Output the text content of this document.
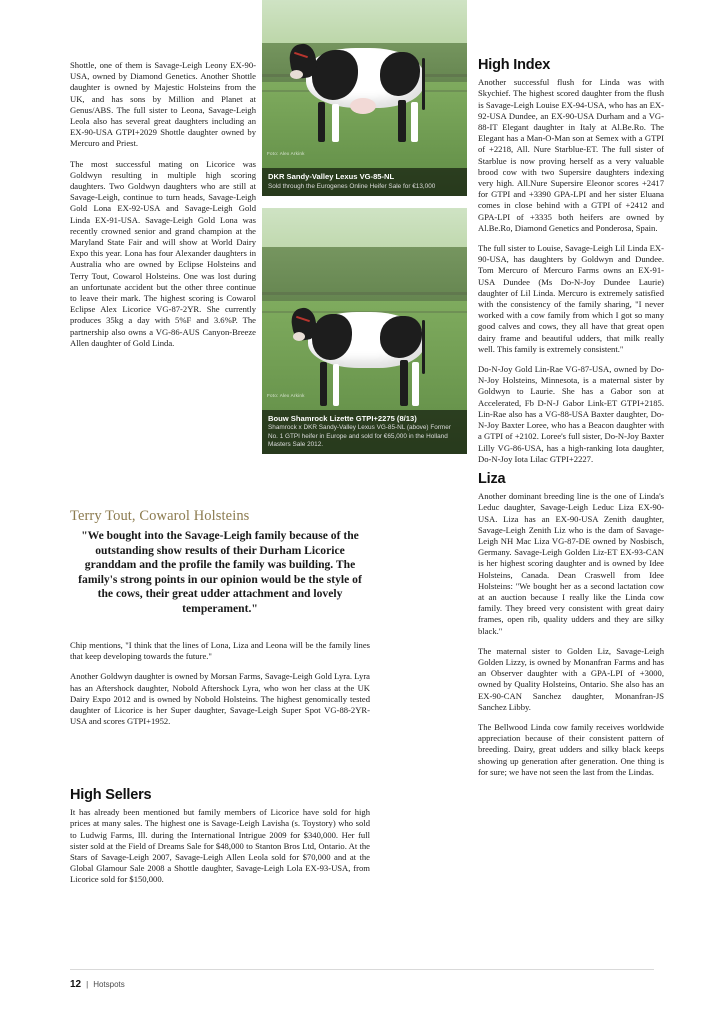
Foto: Alex Arkink
DKR Sandy-Valley Lexus VG-85-NL
Sold through the Eurogenes Online Heifer Sale for €13,000
Foto: Alex Arkink
Bouw Shamrock Lizette GTPI+2275 (8/13)
Shamrock x DKR Sandy-Valley Lexus VG-85-NL (above) Former No. 1 GTPI heifer in Europe and sold for €65,000 in the Holland Masters Sale 2012.

Shottle, one of them is Savage-Leigh Leony EX-90-USA, owned by Diamond Genetics. Another Shottle daughter is owned by Majestic Holsteins from the UK, and has sons by Million and Planet at Genus/ABS. The full sister to Leona, Savage-Leigh Leola also has several great daughters including an EX-90-USA GTPI+2029 Shottle daughter owned by Mercuro and Priest.

The most successful mating on Licorice was Goldwyn resulting in multiple high scoring daughters. Two Goldwyn daughters who are still at Savage-Leigh, continue to turn heads, Savage-Leigh Gold Lona EX-92-USA and Savage-Leigh Gold Linda EX-91-USA. Savage-Leigh Gold Lona was recently crowned senior and grand champion at the Maryland State Fair and will show at World Dairy Expo this year. Lona has four Alexander daughters in Australia who are owned by Eclipse Holsteins and Terry Tout, Cowarol Holsteins. One was lost during an unfortunate accident but the other three continue to leave their mark. The highest scoring is Cowarol Eclipse Alex Licorice VG-87-2YR. She currently produces 35kg a day with 5%F and 3.6%P. The partnership also owns a VG-86-AUS Canyon-Breeze Allen daughter of Gold Linda.

High Index

Another successful flush for Linda was with Skychief. The highest scored daughter from the flush is Savage-Leigh Louise EX-94-USA, who has an EX-92-USA Dundee, an EX-90-USA Durham and a VG-88-IT Elegant daughter in Italy at Al.Be.Ro. The Elegant has a Man-O-Man son at Semex with a GTPI of +2218, All. Nure Starblue-ET. The full sister of Starblue is now proving herself as a very valuable brood cow with two Supersire daughters indexing very high. All.Nure Supersire Eleonor scores +2417 for GTPI and +3390 GPA-LPI and her sister Eluana comes in close behind with a GTPI of +2412 and GPA-LPI of +3335 both heifers are owned by Al.Be.Ro, Diamond Genetics and Ponderosa, Spain.

The full sister to Louise, Savage-Leigh Lil Linda EX-90-USA, has daughters by Goldwyn and Dundee. Tom Mercuro of Mercuro Farms owns an EX-91-USA Dundee (Ms Do-N-Joy Dundee Laurie) daughter of Lil Linda. Mercuro is extremely satisfied with the consistency of the family sharing, "I never worked with a cow family from which I got so many good calves and cows, they all have that great open dairy frame and beautiful udders, that milk really well. This family is extremely consistent."

Do-N-Joy Gold Lin-Rae VG-87-USA, owned by Do-N-Joy Holsteins, Minnesota, is a maternal sister by Goldwyn to Laurie. She has a Gabor son at Accelerated, Fb D-N-J Gabor Link-ET GTPI+2185. Lin-Rae also has a VG-88-USA Baxter daughter, Do-N-Joy Baxter Loree, who has a Beacon daughter with a GTPI of +2102. Loree's full sister, Do-N-Joy Baxter Lilly VG-86-USA, has a high-ranking Iota daughter, Do-N-Joy Iota Lilac GTPI+2227.

Liza

Another dominant breeding line is the one of Linda's Leduc daughter, Savage-Leigh Leduc Liza EX-90-USA. Liza has an EX-90-USA Zenith daughter, Savage-Leigh Zenith Liz who is the dam of Savage-Leigh NH Mac Liza VG-87-DE owned by Nosbisch, Germany. Savage-Leigh Golden Liz-ET EX-93-CAN is her highest scoring daughter and is owned by Idee Holsteins, Canada. Dean Craswell from Idee Holsteins: "We bought her as a second lactation cow at an auction because I really like the Linda cow family. They breed very consistent with great dairy frames, open rib, quality udders and they are silky black."

The maternal sister to Golden Liz, Savage-Leigh Golden Lizzy, is owned by Monanfran Farms and has an Observer daughter with a GPA-LPI of +3000, owned by Quality Holsteins, Ontario. She also has an EX-90-CAN Sanchez daughter, Monanfran-JS Sanchez Libby.

The Bellwood Linda cow family receives worldwide appreciation because of their consistent pattern of breeding. Dairy, great udders and silky black keeps showing up generation after generation. One thing is for sure; we have not seen the last from the Lindas.

Terry Tout, Cowarol Holsteins
"We bought into the Savage-Leigh family because of the outstanding show results of their Durham Licorice granddam and the profile the family was building. The family's strong points in our opinion would be the style of the cows, their great udder attachment and lovely temperament."

Chip mentions, "I think that the lines of Lona, Liza and Leona will be the family lines that keep developing towards the future."

Another Goldwyn daughter is owned by Morsan Farms, Savage-Leigh Gold Lyra. Lyra has an Aftershock daughter, Nobold Aftershock Lyra, who won her class at the UK Dairy Expo 2012 and is owned by Nobold Holsteins. The highest genomically tested daughter of Licorice is her Super daughter, Savage-Leigh Super Spot VG-88-2YR-USA and scores GTPI+1952.

High Sellers

It has already been mentioned but family members of Licorice have sold for high prices at many sales. The highest one is Savage-Leigh Lavisha (s. Toystory) who sold to Ludwig Farms, Ill. during the International Intrigue 2009 for $340,000. Her full sister sold at the Field of Dreams Sale for $48,000 to Stanton Bros Ltd, Ontario. At the Stars of Savage-Leigh 2007, Savage-Leigh Allen Leola sold for $70,000 and at the Global Glamour Sale 2008 a Shottle daughter, Savage-Leigh Lola EX-93-USA, from Licorice sold for $150,000.

12 | Hotspots
